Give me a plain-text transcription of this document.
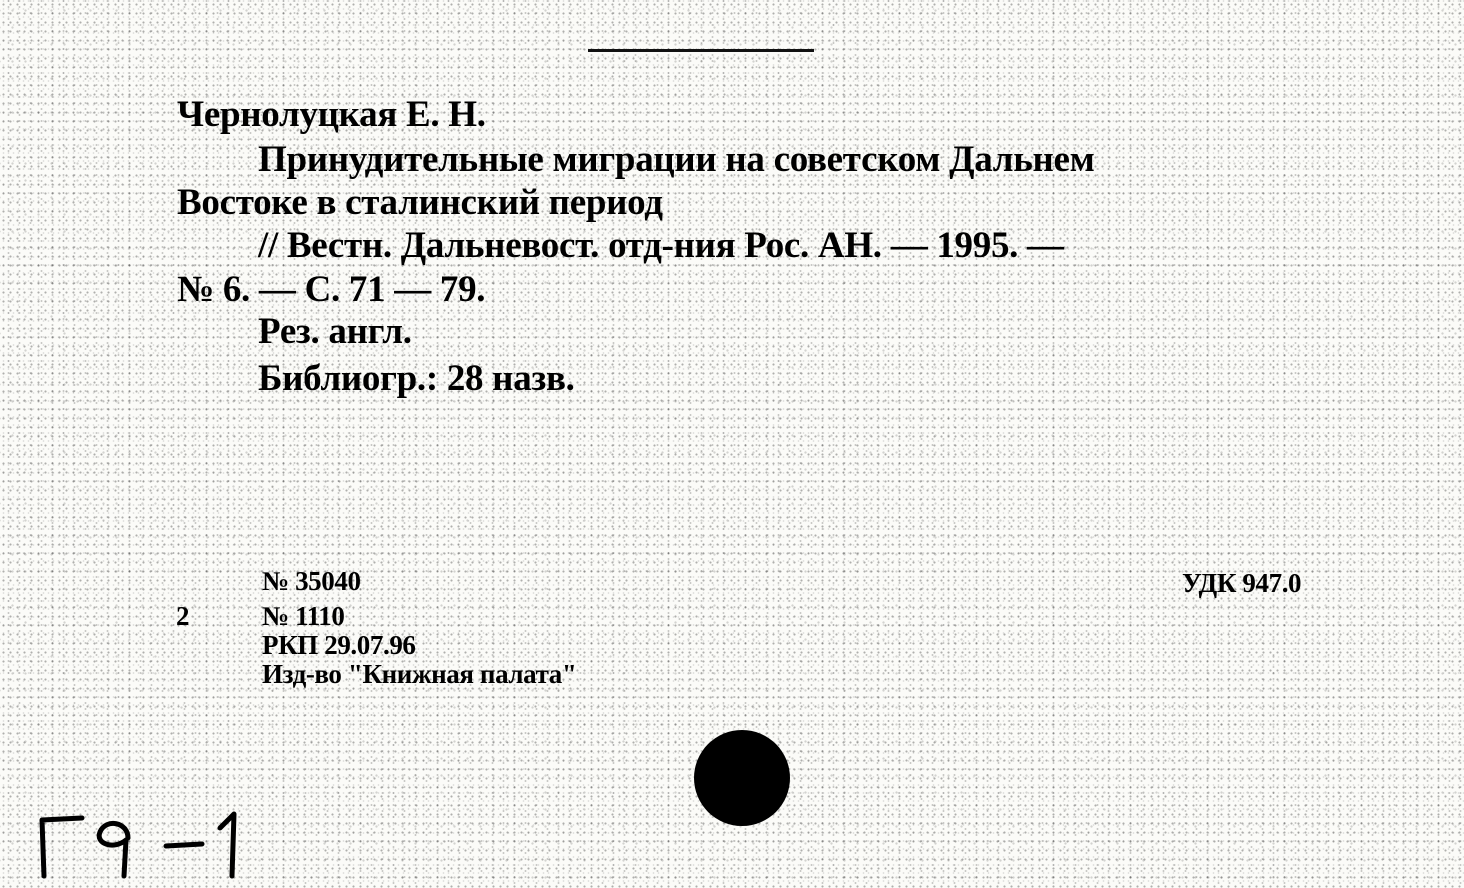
Чернолуцкая Е. Н.
Принудительные миграции на советском Дальнем
Востоке в сталинский период
// Вестн. Дальневост. отд-ния Рос. АН. — 1995. —
№ 6. — С. 71 — 79.
Рез. англ.
Библиогр.: 28 назв.
№ 35040
2	№ 1110
РКП 29.07.96
Изд-во "Книжная палата"
УДК 947.0
